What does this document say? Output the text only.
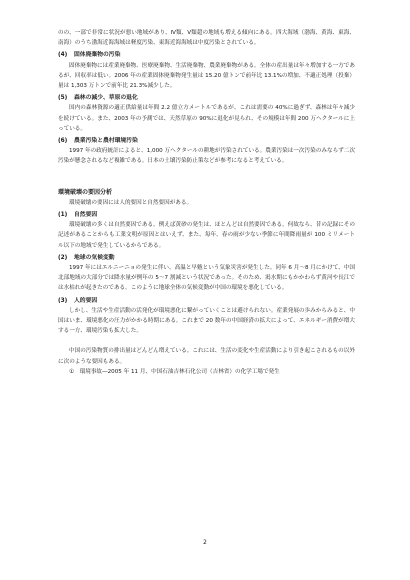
のの、一部で非常に状況が悪い地域があり、Ⅳ類、Ⅴ類超の地域も増える傾向にある。四大海域（渤海、黄海、東海、南海）のうち渤海近海海域は軽度汚染、東海近海海域は中度汚染とされている。

(4) 固体廃棄物の汚染

固体廃棄物には産業廃棄物、医療廃棄物、生活廃棄物、農業廃棄物がある。全体の産出量は年々増加する一方であるが、回収率は低い。2006 年の産業固体廃棄物発生量は 15.20 億トンで前年比 13.1%の増加、不適正処理（投棄）量は 1,303 万トンで前年比 21.3%減少した。

(5) 森林の減少、草原の退化

国内の森林資源の適正供給量は年間 2.2 億立方メートルであるが、これは需要の 40%に過ぎず、森林は年々減少を続けている。また、2003 年の予測では、天然草原の 90%に退化が見られ、その規模は年間 200 万ヘクタールに上っている。

(6) 農業汚染と農村環境汚染

1997 年の政府統計によると、1,000 万ヘクタールの耕地が汚染されている。農業汚染は一次汚染のみならず二次汚染が懸念されるなど複雑である。日本の土壌汚染防止策などが参考になると考えている。

環境破壊の要因分析

環境破壊の要因には人的要因と自然要因がある。

(1) 自然要因

環境破壊の多くは自然要因である。例えば黄砂の発生は、ほとんどは自然要因である。何故なら、昔の記録にその記述があることからも工業文明が原因とはいえず、また、毎年、春の雨が少ない季節に年間降雨量が 100 ミリメートル以下の地域で発生しているからである。

(2) 地球の気候変動

1997 年にはエルニーニョの発生に伴い、高温と早魃という気象災害が発生した。同年 6 月～8 月にかけて、中国北部地域の大部分では降水量が例年の 5～7 割減という状況であった。そのため、渇水期にもかかわらず黄河や長江では水枯れが起きたのである。このように地球全体の気候変動が中国の環境を悪化している。

(3) 人的要因

しかし、生活や生産活動の活発化が環境悪化に繋がっていくことは避けられない。産業発展の歩みからみると、中国はいま、環境悪化の圧力がかかる時期にある。これまで 20 数年の中国経済の拡大によって、エネルギー消費が増大する一方、環境汚染も拡大した。

中国の汚染物質の排出量はどんどん増えている。これには、生活の変化や生産活動により引き起こされるもの以外に次のような要因もある。

①　 環境事故―2005 年 11 月、中国石油吉林石化公司（吉林省）の化学工場で発生

2
